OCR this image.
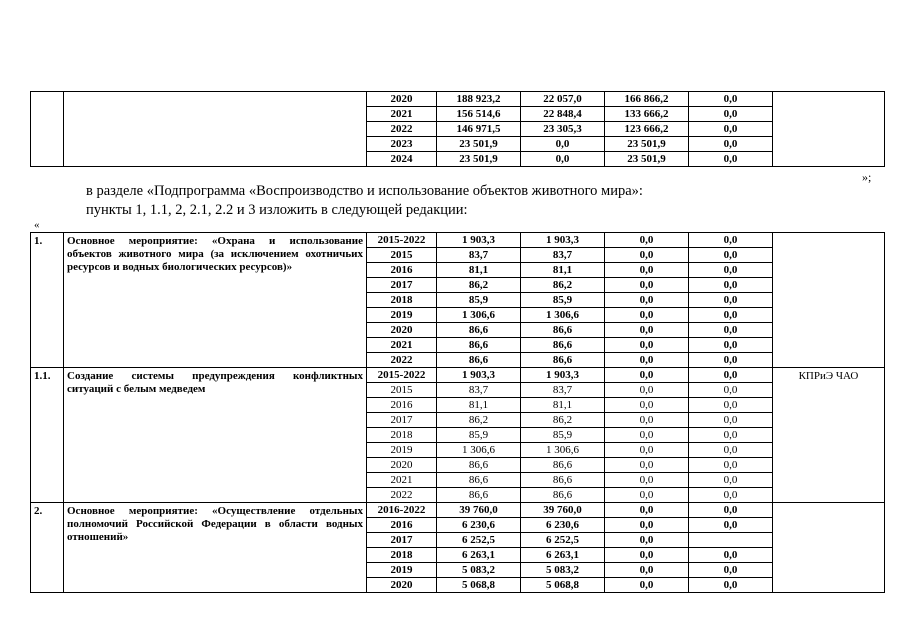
		2020	188 923,2	22 057,0	166 866,2	0,0	
		2021	156 514,6	22 848,4	133 666,2	0,0	
		2022	146 971,5	23 305,3	123 666,2	0,0	
		2023	23 501,9	0,0	23 501,9	0,0	
		2024	23 501,9	0,0	23 501,9	0,0	
»;
в разделе «Подпрограмма «Воспроизводство и использование объектов животного мира»:
пункты 1, 1.1, 2, 2.1, 2.2 и 3 изложить в следующей редакции:
«
1.	Основное мероприятие: «Охрана и использование объектов животного мира (за исключением охотничьих ресурсов и водных биологических ресурсов)»	2015-2022	1 903,3	1 903,3	0,0	0,0	
		2015	83,7	83,7	0,0	0,0	
		2016	81,1	81,1	0,0	0,0	
		2017	86,2	86,2	0,0	0,0	
		2018	85,9	85,9	0,0	0,0	
		2019	1 306,6	1 306,6	0,0	0,0	
		2020	86,6	86,6	0,0	0,0	
		2021	86,6	86,6	0,0	0,0	
		2022	86,6	86,6	0,0	0,0	
1.1.	Создание системы предупреждения конфликтных ситуаций с белым медведем	2015-2022	1 903,3	1 903,3	0,0	0,0	КПРиЭ ЧАО
		2015	83,7	83,7	0,0	0,0	
		2016	81,1	81,1	0,0	0,0	
		2017	86,2	86,2	0,0	0,0	
		2018	85,9	85,9	0,0	0,0	
		2019	1 306,6	1 306,6	0,0	0,0	
		2020	86,6	86,6	0,0	0,0	
		2021	86,6	86,6	0,0	0,0	
		2022	86,6	86,6	0,0	0,0	
2.	Основное мероприятие: «Осуществление отдельных полномочий Российской Федерации в области водных отношений»	2016-2022	39 760,0	39 760,0	0,0	0,0	
		2016	6 230,6	6 230,6	0,0	0,0	
		2017	6 252,5	6 252,5	0,0		
		2018	6 263,1	6 263,1	0,0	0,0	
		2019	5 083,2	5 083,2	0,0	0,0	
		2020	5 068,8	5 068,8	0,0	0,0	
